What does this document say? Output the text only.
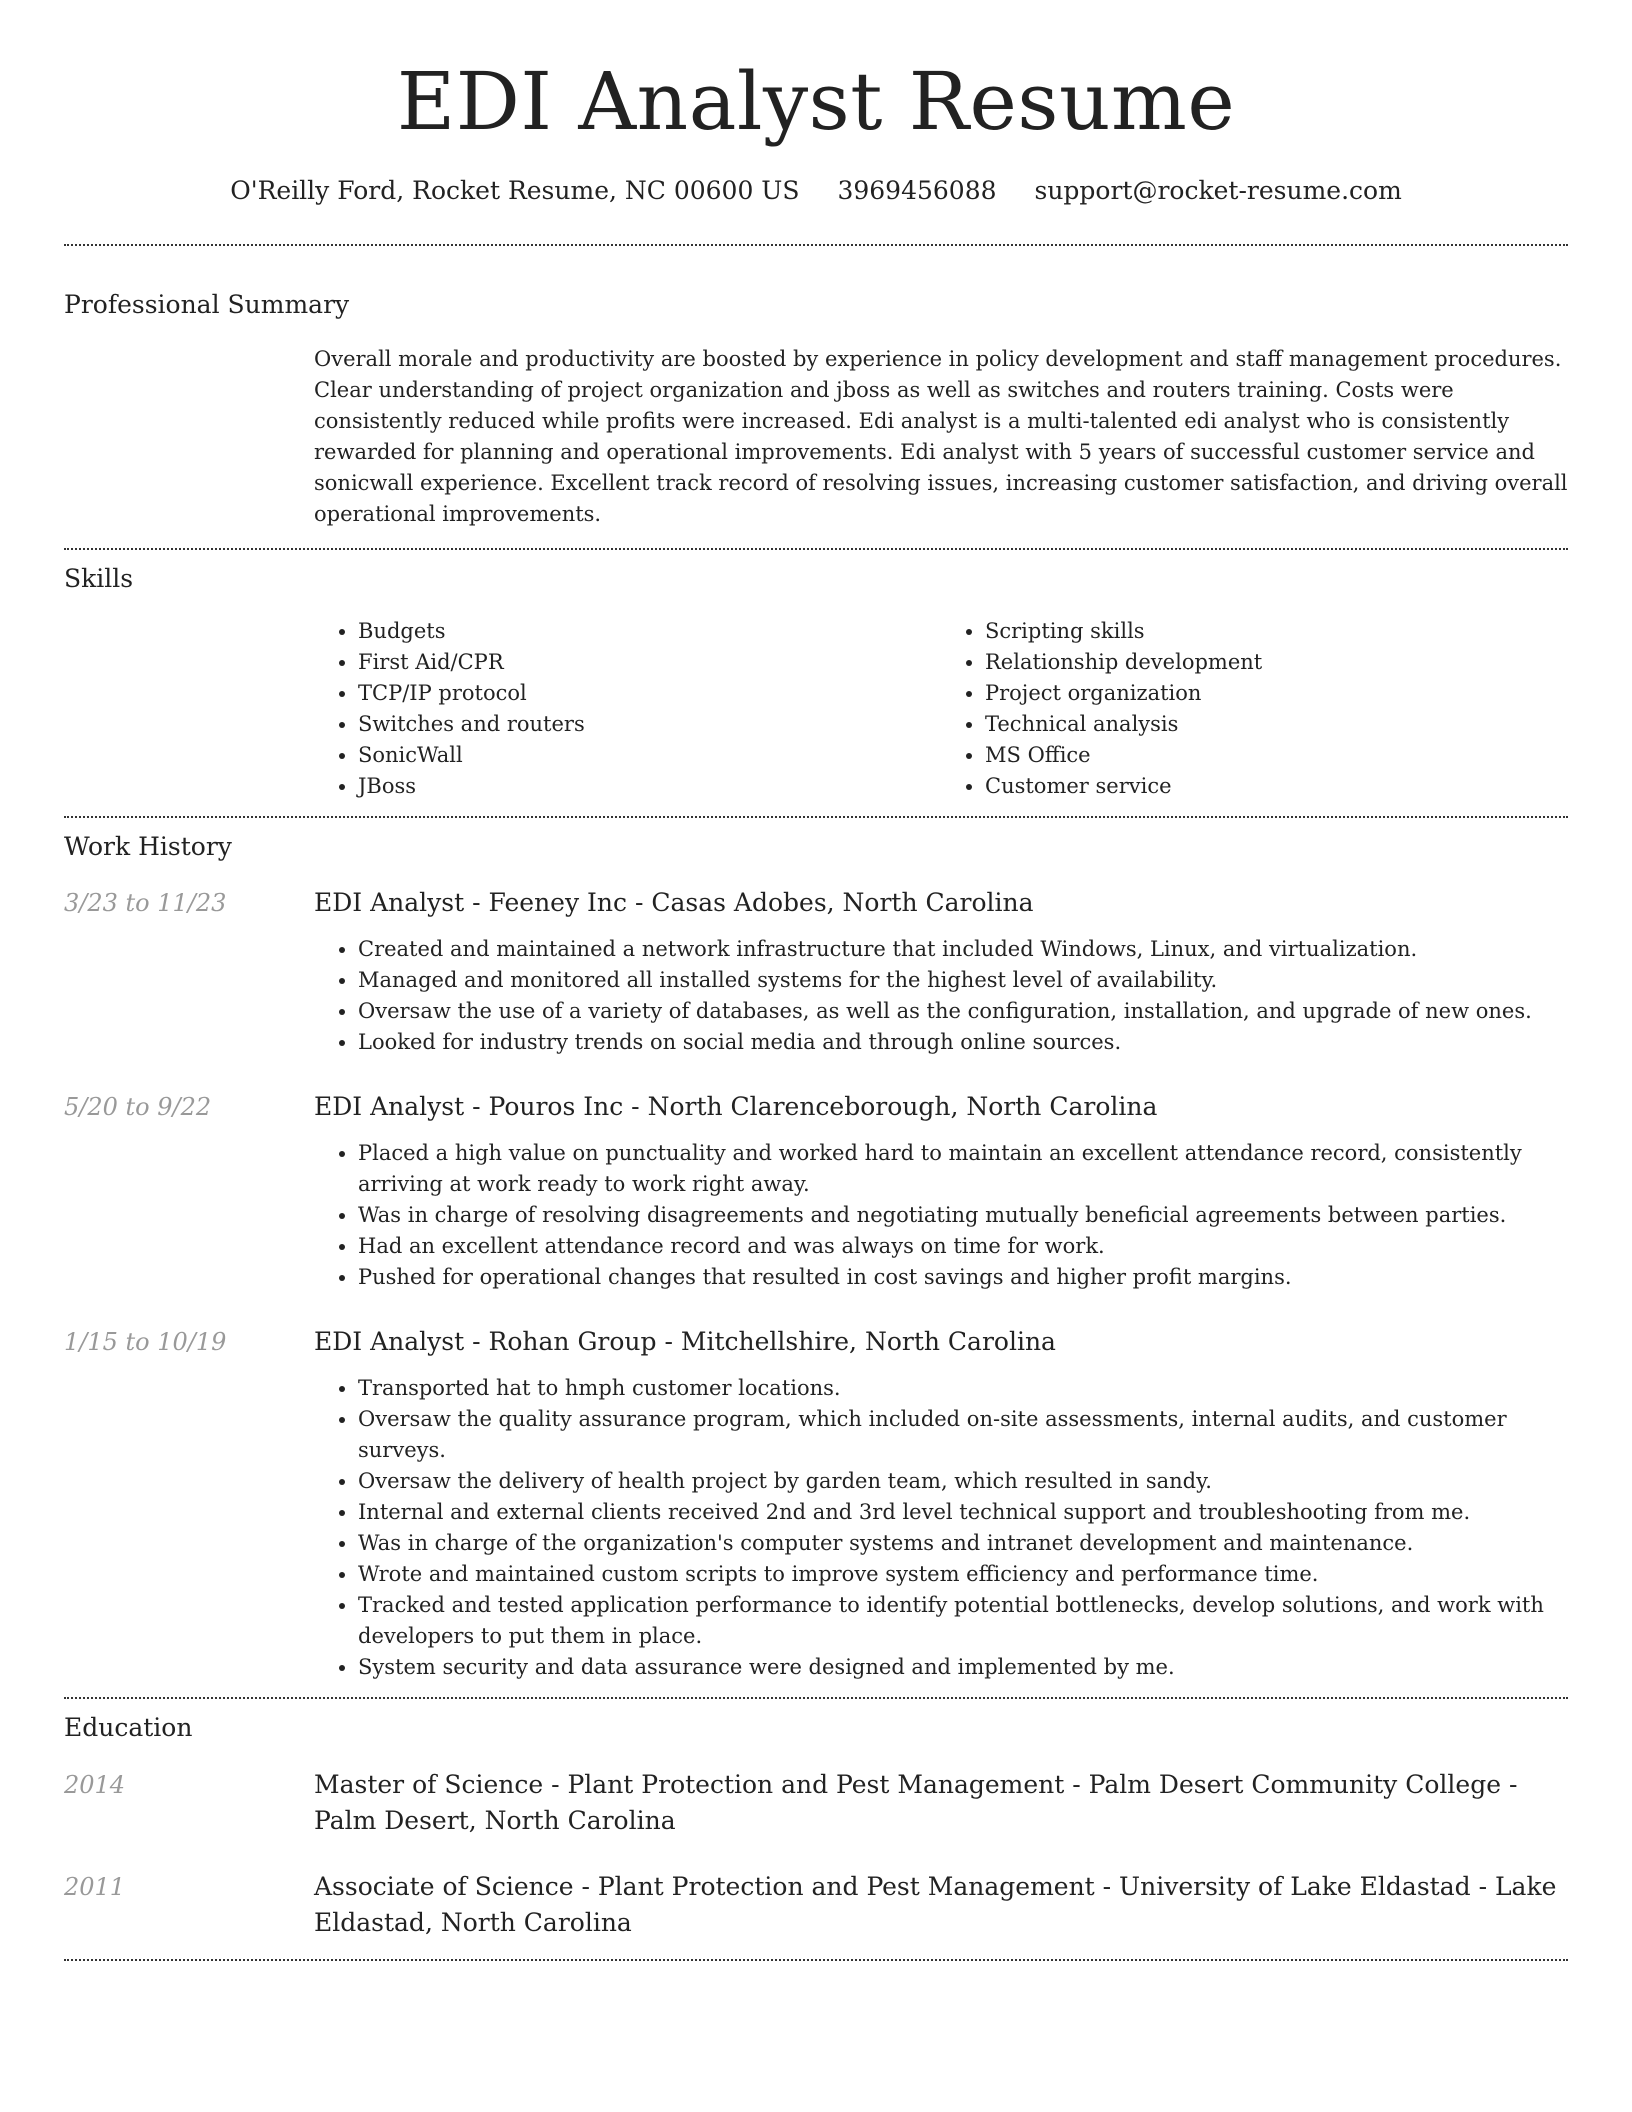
EDI Analyst Resume
O'Reilly Ford, Rocket Resume, NC 00600 US 3969456088 support@rocket-resume.com
Professional Summary

Overall morale and productivity are boosted by experience in policy development and staff management procedures. Clear understanding of project organization and jboss as well as switches and routers training. Costs were consistently reduced while profits were increased. Edi analyst is a multi-talented edi analyst who is consistently rewarded for planning and operational improvements. Edi analyst with 5 years of successful customer service and sonicwall experience. Excellent track record of resolving issues, increasing customer satisfaction, and driving overall operational improvements.

Skills
• Budgets
• First Aid/CPR
• TCP/IP protocol
• Switches and routers
• SonicWall
• JBoss
• Scripting skills
• Relationship development
• Project organization
• Technical analysis
• MS Office
• Customer service
Work History
3/23 to 11/23	EDI Analyst - Feeney Inc - Casas Adobes, North Carolina
• Created and maintained a network infrastructure that included Windows, Linux, and virtualization.
• Managed and monitored all installed systems for the highest level of availability.
• Oversaw the use of a variety of databases, as well as the configuration, installation, and upgrade of new ones.
• Looked for industry trends on social media and through online sources.
5/20 to 9/22	EDI Analyst - Pouros Inc - North Clarenceborough, North Carolina
• Placed a high value on punctuality and worked hard to maintain an excellent attendance record, consistently arriving at work ready to work right away.
• Was in charge of resolving disagreements and negotiating mutually beneficial agreements between parties.
• Had an excellent attendance record and was always on time for work.
• Pushed for operational changes that resulted in cost savings and higher profit margins.
1/15 to 10/19	EDI Analyst - Rohan Group - Mitchellshire, North Carolina
• Transported hat to hmph customer locations.
• Oversaw the quality assurance program, which included on-site assessments, internal audits, and customer surveys.
• Oversaw the delivery of health project by garden team, which resulted in sandy.
• Internal and external clients received 2nd and 3rd level technical support and troubleshooting from me.
• Was in charge of the organization's computer systems and intranet development and maintenance.
• Wrote and maintained custom scripts to improve system efficiency and performance time.
• Tracked and tested application performance to identify potential bottlenecks, develop solutions, and work with developers to put them in place.
• System security and data assurance were designed and implemented by me.
Education
2014	Master of Science - Plant Protection and Pest Management - Palm Desert Community College - Palm Desert, North Carolina
2011	Associate of Science - Plant Protection and Pest Management - University of Lake Eldastad - Lake Eldastad, North Carolina
